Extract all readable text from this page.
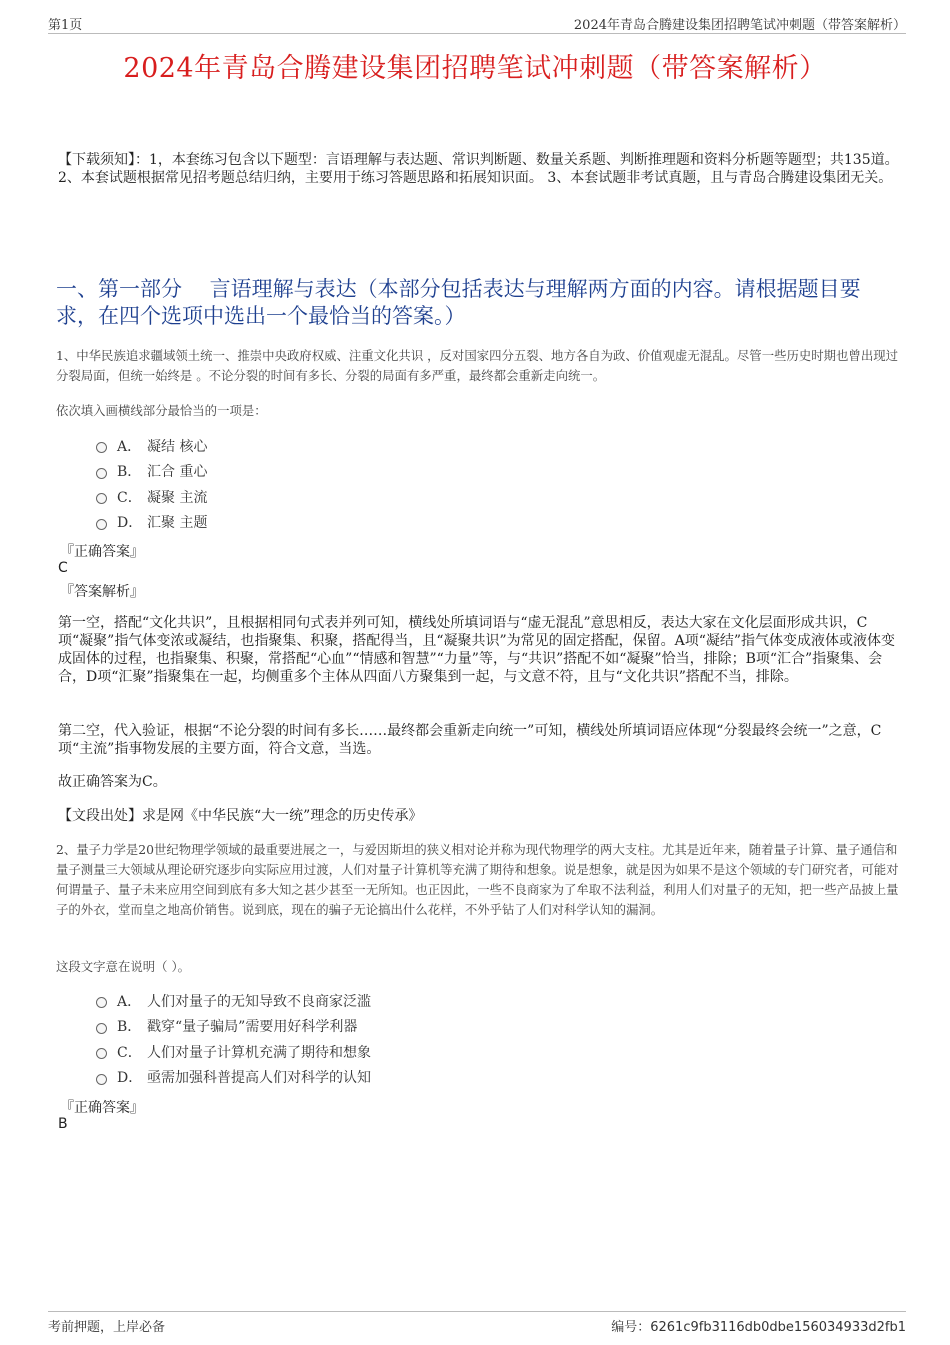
第1页	2024年青岛合腾建设集团招聘笔试冲刺题（带答案解析）
2024年青岛合腾建设集团招聘笔试冲刺题（带答案解析）
【下载须知】：1，本套练习包含以下题型：言语理解与表达题、常识判断题、数量关系题、判断推理题和资料分析题等题型；共135道。 2、本套试题根据常见招考题总结归纳，主要用于练习答题思路和拓展知识面。 3、本套试题非考试真题，且与青岛合腾建设集团无关。
一、第一部分　 言语理解与表达（本部分包括表达与理解两方面的内容。请根据题目要求，在四个选项中选出一个最恰当的答案。）
1、中华民族追求疆域领土统一、推崇中央政府权威、注重文化共识 ，反对国家四分五裂、地方各自为政、价值观虚无混乱。尽管一些历史时期也曾出现过分裂局面，但统一始终是 。不论分裂的时间有多长、分裂的局面有多严重，最终都会重新走向统一。
依次填入画横线部分最恰当的一项是：
A． 凝结 核心
B． 汇合 重心
C． 凝聚 主流
D． 汇聚 主题
『正确答案』
C
『答案解析』
第一空，搭配“文化共识”，且根据相同句式表并列可知，横线处所填词语与“虚无混乱”意思相反，表达大家在文化层面形成共识，C项“凝聚”指气体变浓或凝结，也指聚集、积聚，搭配得当，且“凝聚共识”为常见的固定搭配，保留。A项“凝结”指气体变成液体或液体变成固体的过程，也指聚集、积聚，常搭配“心血”“情感和智慧”“力量”等，与“共识”搭配不如“凝聚”恰当，排除；B项“汇合”指聚集、会合，D项“汇聚”指聚集在一起，均侧重多个主体从四面八方聚集到一起，与文意不符，且与“文化共识”搭配不当，排除。
第二空，代入验证，根据“不论分裂的时间有多长……最终都会重新走向统一”可知，横线处所填词语应体现“分裂最终会统一”之意，C项“主流”指事物发展的主要方面，符合文意，当选。
故正确答案为C。
【文段出处】求是网《中华民族“大一统”理念的历史传承》
2、量子力学是20世纪物理学领域的最重要进展之一，与爱因斯坦的狭义相对论并称为现代物理学的两大支柱。尤其是近年来，随着量子计算、量子通信和量子测量三大领域从理论研究逐步向实际应用过渡，人们对量子计算机等充满了期待和想象。说是想象，就是因为如果不是这个领域的专门研究者，可能对何谓量子、量子未来应用空间到底有多大知之甚少甚至一无所知。也正因此，一些不良商家为了牟取不法利益，利用人们对量子的无知，把一些产品披上量子的外衣，堂而皇之地高价销售。说到底，现在的骗子无论搞出什么花样，不外乎钻了人们对科学认知的漏洞。
这段文字意在说明（ ）。
A． 人们对量子的无知导致不良商家泛滥
B． 戳穿“量子骗局”需要用好科学利器
C． 人们对量子计算机充满了期待和想象
D． 亟需加强科普提高人们对科学的认知
『正确答案』
B
考前押题，上岸必备	编号：6261c9fb3116db0dbe156034933d2fb1
